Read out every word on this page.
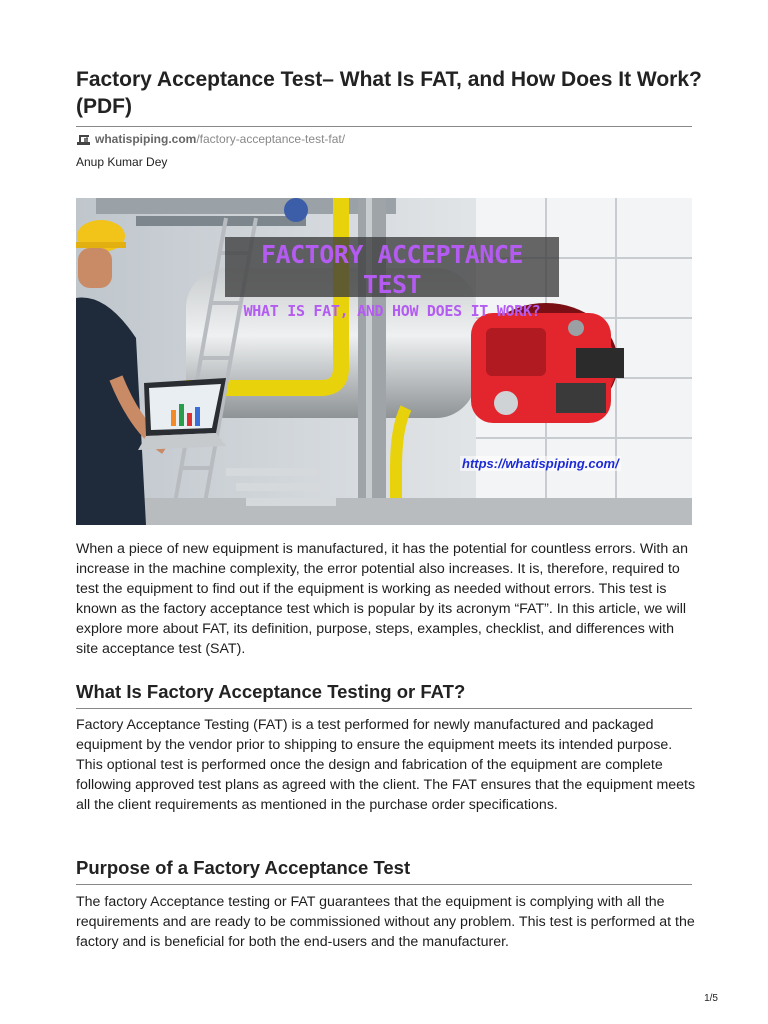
Factory Acceptance Test– What Is FAT, and How Does It Work? (PDF)
whatispiping.com /factory-acceptance-test-fat/
Anup Kumar Dey
FACTORY ACCEPTANCE TEST
WHAT IS FAT, AND HOW DOES IT WORK?
https://whatispiping.com/

When a piece of new equipment is manufactured, it has the potential for countless errors. With an increase in the machine complexity, the error potential also increases. It is, therefore, required to test the equipment to find out if the equipment is working as needed without errors. This test is known as the factory acceptance test which is popular by its acronym “FAT”. In this article, we will explore more about FAT, its definition, purpose, steps, examples, checklist, and differences with site acceptance test (SAT).

What Is Factory Acceptance Testing or FAT?

Factory Acceptance Testing (FAT) is a test performed for newly manufactured and packaged equipment by the vendor prior to shipping to ensure the equipment meets its intended purpose. This optional test is performed once the design and fabrication of the equipment are complete following approved test plans as agreed with the client. The FAT ensures that the equipment meets all the client requirements as mentioned in the purchase order specifications.

Purpose of a Factory Acceptance Test

The factory Acceptance testing or FAT guarantees that the equipment is complying with all the requirements and are ready to be commissioned without any problem. This test is performed at the factory and is beneficial for both the end-users and the manufacturer.

1/5
